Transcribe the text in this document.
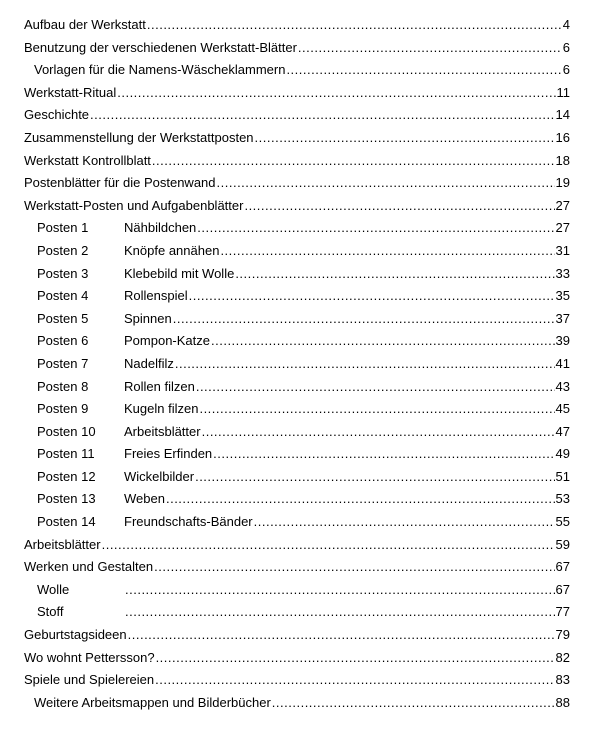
Aufbau der Werkstatt .....	4
Benutzung der verschiedenen Werkstatt-Blätter .....	6
Vorlagen für die Namens-Wäscheklammern .....	6
Werkstatt-Ritual .....	11
Geschichte .....	14
Zusammenstellung der Werkstattposten .....	16
Werkstatt Kontrollblatt .....	18
Postenblätter für die Postenwand .....	19
Werkstatt-Posten und Aufgabenblätter .....	27
Posten 1	Nähbildchen .....	27
Posten 2	Knöpfe annähen .....	31
Posten 3	Klebebild mit Wolle .....	33
Posten 4	Rollenspiel .....	35
Posten 5	Spinnen .....	37
Posten 6	Pompon-Katze .....	39
Posten 7	Nadelfilz .....	41
Posten 8	Rollen filzen .....	43
Posten 9	Kugeln filzen .....	45
Posten 10	Arbeitsblätter .....	47
Posten 11	Freies Erfinden .....	49
Posten 12	Wickelbilder .....	51
Posten 13	Weben .....	53
Posten 14	Freundschafts-Bänder .....	55
Arbeitsblätter .....	59
Werken und Gestalten .....	67
Wolle .....	67
Stoff .....	77
Geburtstagsideen .....	79
Wo wohnt Pettersson? .....	82
Spiele und Spielereien .....	83
Weitere Arbeitsmappen und Bilderbücher .....	88
